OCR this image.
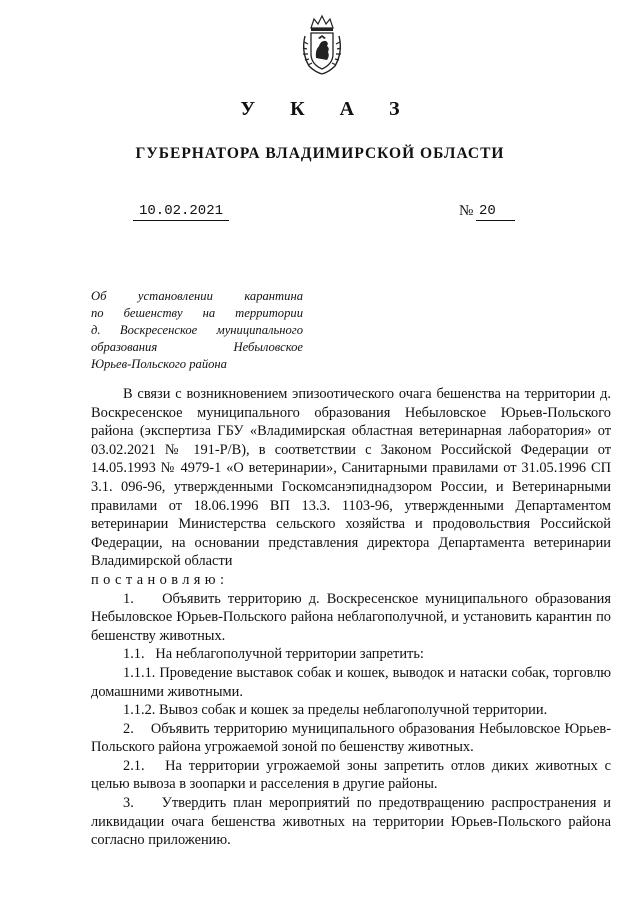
У К А З
ГУБЕРНАТОРА ВЛАДИМИРСКОЙ ОБЛАСТИ
10.02.2021	№ 20
Об установлении карантина
по бешенству на территории
д. Воскресенское муниципального
образования Небыловское
Юрьев-Польского района

В связи с возникновением эпизоотического очага бешенства на территории д. Воскресенское муниципального образования Небыловское Юрьев-Польского района (экспертиза ГБУ «Владимирская областная ветеринарная лаборатория» от 03.02.2021 № 191-Р/В), в соответствии с Законом Российской Федерации от 14.05.1993 № 4979-1 «О ветеринарии», Санитарными правилами от 31.05.1996 СП 3.1. 096-96, утвержденными Госкомсанэпиднадзором России, и Ветеринарными правилами от 18.06.1996 ВП 13.3. 1103-96, утвержденными Департаментом ветеринарии Министерства сельского хозяйства и продовольствия Российской Федерации, на основании представления директора Департамента ветеринарии Владимирской области

постановляю:

1.    Объявить территорию д. Воскресенское муниципального образования Небыловское Юрьев-Польского района неблагополучной, и установить карантин по бешенству животных.

1.1.   На неблагополучной территории запретить:

1.1.1. Проведение выставок собак и кошек, выводок и натаски собак, торговлю домашними животными.

1.1.2. Вывоз собак и кошек за пределы неблагополучной территории.

2.    Объявить территорию муниципального образования Небыловское Юрьев-Польского района угрожаемой зоной по бешенству животных.

2.1.   На территории угрожаемой зоны запретить отлов диких животных с целью вывоза в зоопарки и расселения в другие районы.

3.    Утвердить план мероприятий по предотвращению распространения и ликвидации очага бешенства животных на территории Юрьев-Польского района согласно приложению.
